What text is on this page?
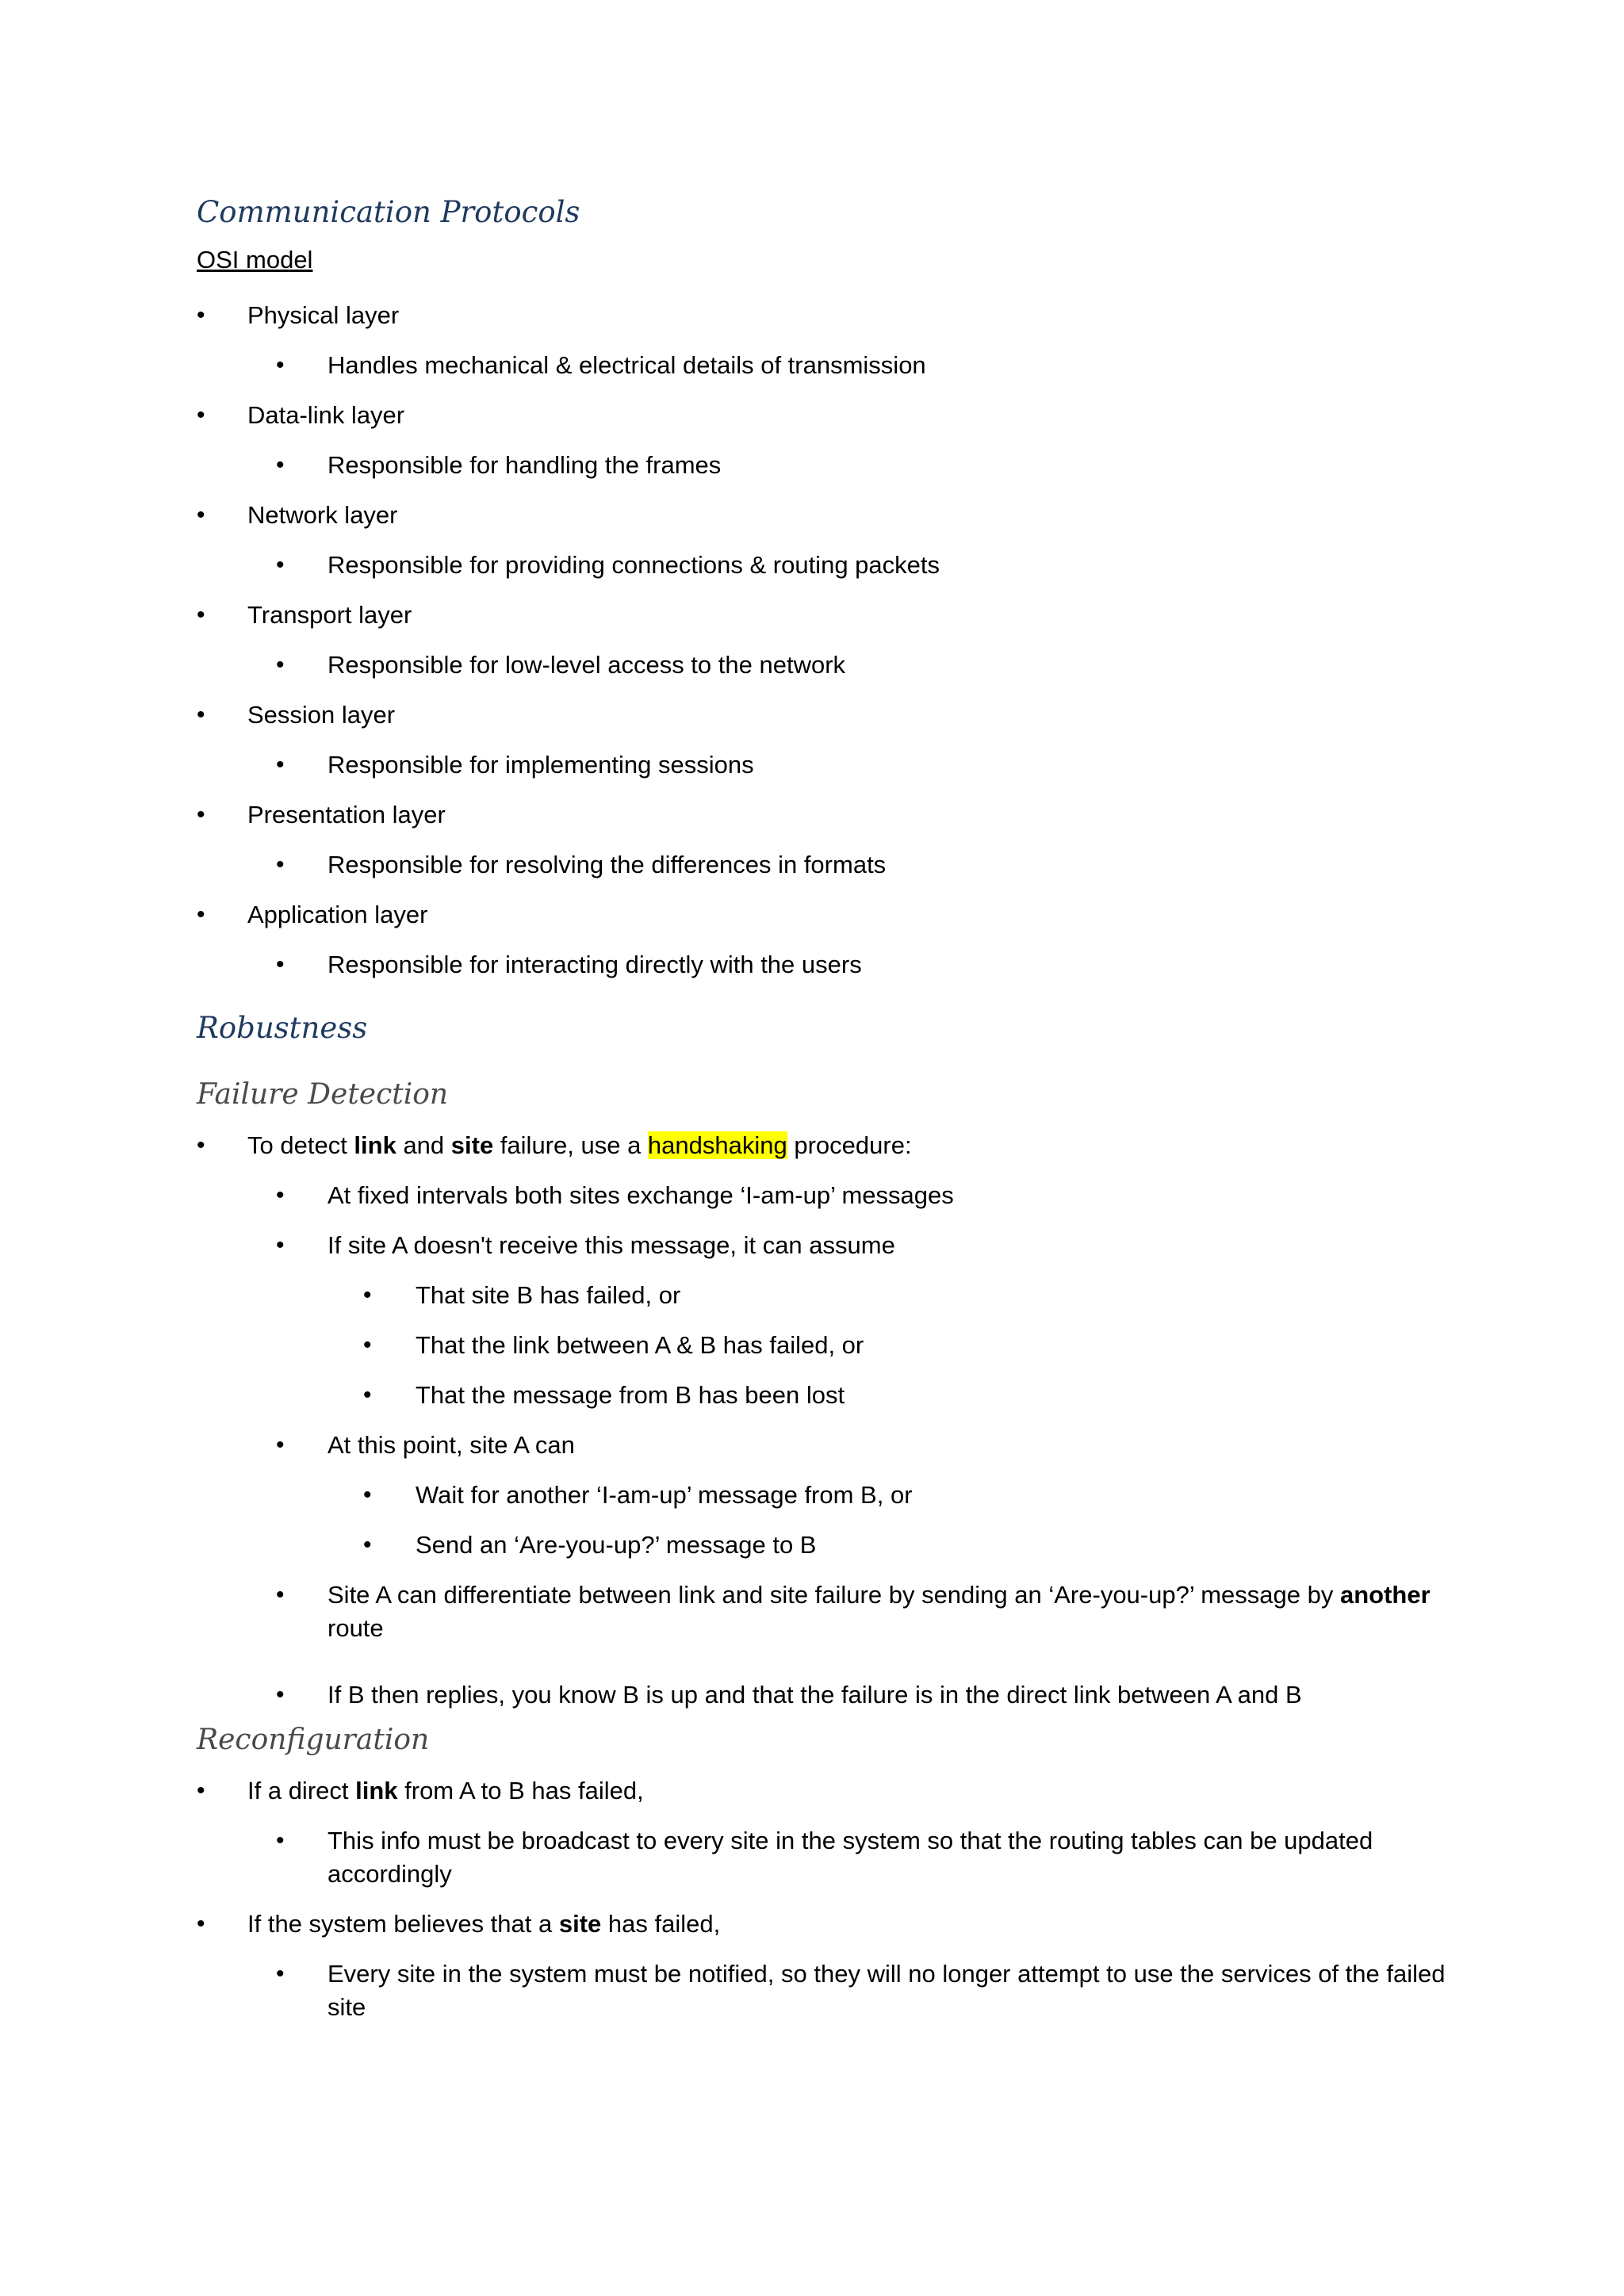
Communication Protocols
OSI model
• Physical layer
• Handles mechanical & electrical details of transmission
• Data-link layer
• Responsible for handling the frames
• Network layer
• Responsible for providing connections & routing packets
• Transport layer
• Responsible for low-level access to the network
• Session layer
• Responsible for implementing sessions
• Presentation layer
• Responsible for resolving the differences in formats
• Application layer
• Responsible for interacting directly with the users
Robustness
Failure Detection
• To detect link and site failure, use a handshaking procedure:
• At fixed intervals both sites exchange ‘I-am-up’ messages
• If site A doesn't receive this message, it can assume
• That site B has failed, or
• That the link between A & B has failed, or
• That the message from B has been lost
• At this point, site A can
• Wait for another ‘I-am-up’ message from B, or
• Send an ‘Are-you-up?’ message to B
• Site A can differentiate between link and site failure by sending an ‘Are-you-up?’ message by another route
• If B then replies, you know B is up and that the failure is in the direct link between A and B
Reconfiguration
• If a direct link from A to B has failed,
• This info must be broadcast to every site in the system so that the routing tables can be updated accordingly
• If the system believes that a site has failed,
• Every site in the system must be notified, so they will no longer attempt to use the services of the failed site
